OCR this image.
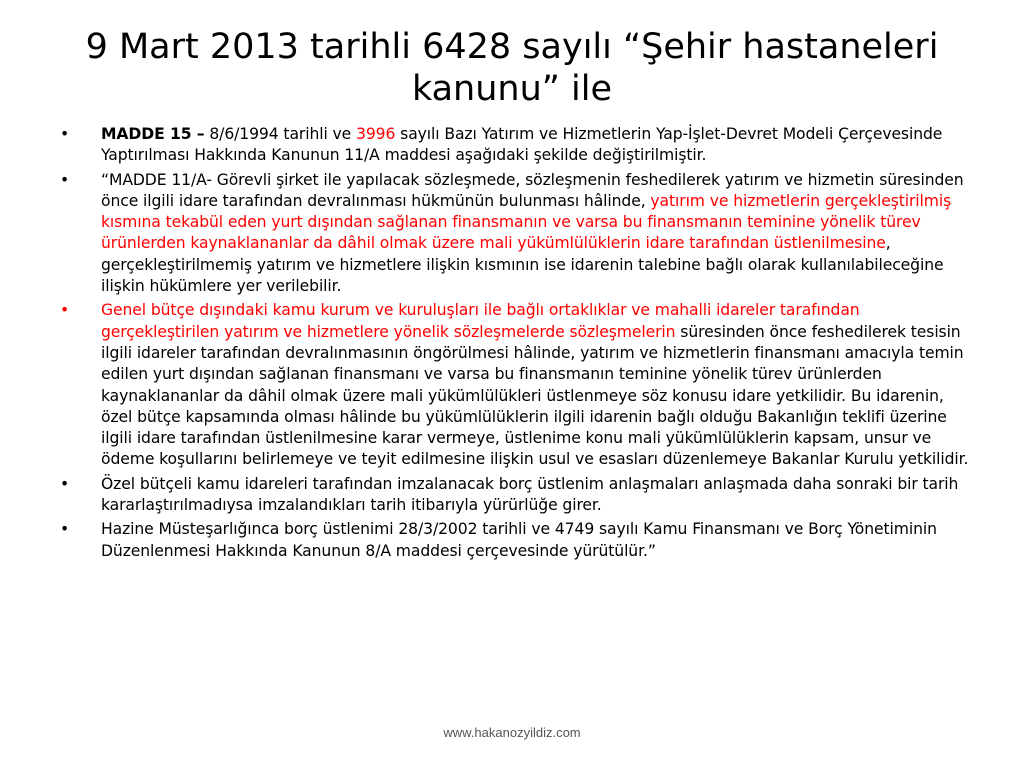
9 Mart 2013 tarihli 6428 sayılı “Şehir hastaneleri kanunu” ile
•	MADDE 15 – 8/6/1994 tarihli ve 3996 sayılı Bazı Yatırım ve Hizmetlerin Yap-İşlet-Devret Modeli Çerçevesinde Yaptırılması Hakkında Kanunun 11/A maddesi aşağıdaki şekilde değiştirilmiştir.
•	“MADDE 11/A- Görevli şirket ile yapılacak sözleşmede, sözleşmenin feshedilerek yatırım ve hizmetin süresinden önce ilgili idare tarafından devralınması hükmünün bulunması hâlinde, yatırım ve hizmetlerin gerçekleştirilmiş kısmına tekabül eden yurt dışından sağlanan finansmanın ve varsa bu finansmanın teminine yönelik türev ürünlerden kaynaklananlar da dâhil olmak üzere mali yükümlülüklerin idare tarafından üstlenilmesine, gerçekleştirilmemiş yatırım ve hizmetlere ilişkin kısmının ise idarenin talebine bağlı olarak kullanılabileceğine ilişkin hükümlere yer verilebilir.
•	Genel bütçe dışındaki kamu kurum ve kuruluşları ile bağlı ortaklıklar ve mahalli idareler tarafından gerçekleştirilen yatırım ve hizmetlere yönelik sözleşmelerde sözleşmelerin süresinden önce feshedilerek tesisin ilgili idareler tarafından devralınmasının öngörülmesi hâlinde, yatırım ve hizmetlerin finansmanı amacıyla temin edilen yurt dışından sağlanan finansmanı ve varsa bu finansmanın teminine yönelik türev ürünlerden kaynaklananlar da dâhil olmak üzere mali yükümlülükleri üstlenmeye söz konusu idare yetkilidir. Bu idarenin, özel bütçe kapsamında olması hâlinde bu yükümlülüklerin ilgili idarenin bağlı olduğu Bakanlığın teklifi üzerine ilgili idare tarafından üstlenilmesine karar vermeye, üstlenime konu mali yükümlülüklerin kapsam, unsur ve ödeme koşullarını belirlemeye ve teyit edilmesine ilişkin usul ve esasları düzenlemeye Bakanlar Kurulu yetkilidir.
•	Özel bütçeli kamu idareleri tarafından imzalanacak borç üstlenim anlaşmaları anlaşmada daha sonraki bir tarih kararlaştırılmadıysa imzalandıkları tarih itibarıyla yürürlüğe girer.
•	Hazine Müsteşarlığınca borç üstlenimi 28/3/2002 tarihli ve 4749 sayılı Kamu Finansmanı ve Borç Yönetiminin Düzenlenmesi Hakkında Kanunun 8/A maddesi çerçevesinde yürütülür.”
www.hakanozyildiz.com
